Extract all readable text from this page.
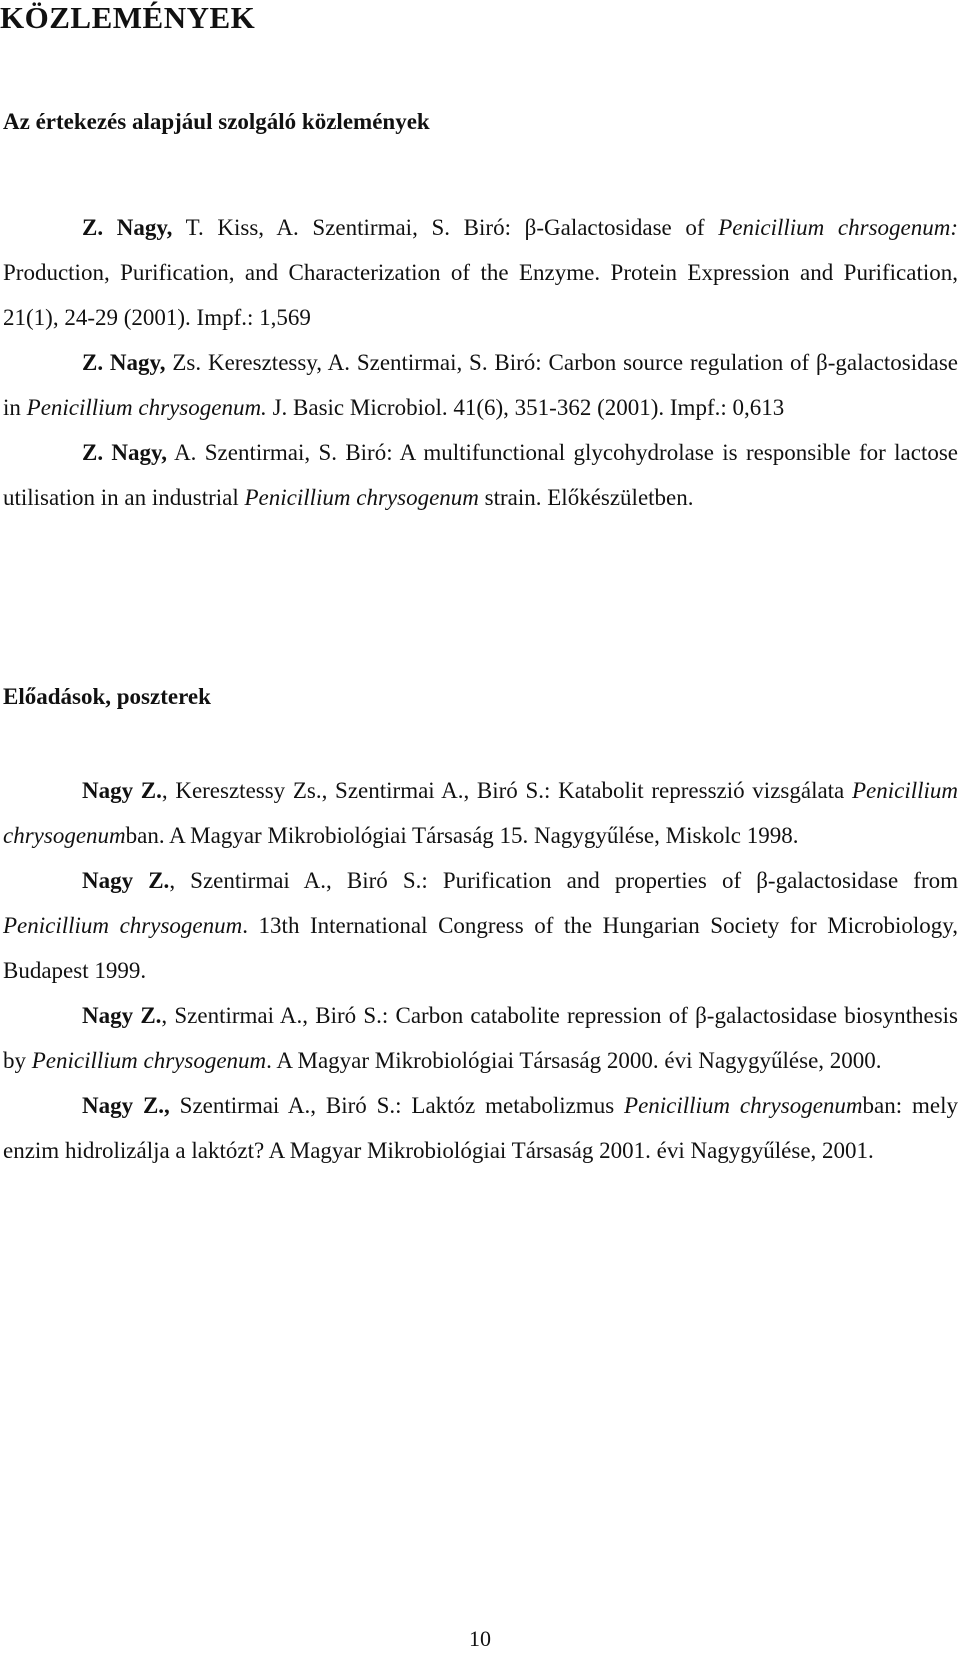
KÖZLEMÉNYEK
Az értekezés alapjául szolgáló közlemények

Z. Nagy, T. Kiss, A. Szentirmai, S. Biró: β-Galactosidase of Penicillium chrsogenum: Production, Purification, and Characterization of the Enzyme. Protein Expression and Purification, 21(1), 24-29 (2001). Impf.: 1,569

Z. Nagy, Zs. Keresztessy, A. Szentirmai, S. Biró: Carbon source regulation of β-galactosidase in Penicillium chrysogenum. J. Basic Microbiol. 41(6), 351-362 (2001). Impf.: 0,613

Z. Nagy, A. Szentirmai, S. Biró: A multifunctional glycohydrolase is responsible for lactose utilisation in an industrial Penicillium chrysogenum strain. Előkészületben.

Előadások, poszterek

Nagy Z., Keresztessy Zs., Szentirmai A., Biró S.: Katabolit represszió vizsgálata Penicillium chrysogenumban. A Magyar Mikrobiológiai Társaság 15. Nagygyűlése, Miskolc 1998.

Nagy Z., Szentirmai A., Biró S.: Purification and properties of β-galactosidase from Penicillium chrysogenum. 13th International Congress of the Hungarian Society for Microbiology, Budapest 1999.

Nagy Z., Szentirmai A., Biró S.: Carbon catabolite repression of β-galactosidase biosynthesis by Penicillium chrysogenum. A Magyar Mikrobiológiai Társaság 2000. évi Nagygyűlése, 2000.

Nagy Z., Szentirmai A., Biró S.: Laktóz metabolizmus Penicillium chrysogenumban: mely enzim hidrolizálja a laktózt? A Magyar Mikrobiológiai Társaság 2001. évi Nagygyűlése, 2001.

10
